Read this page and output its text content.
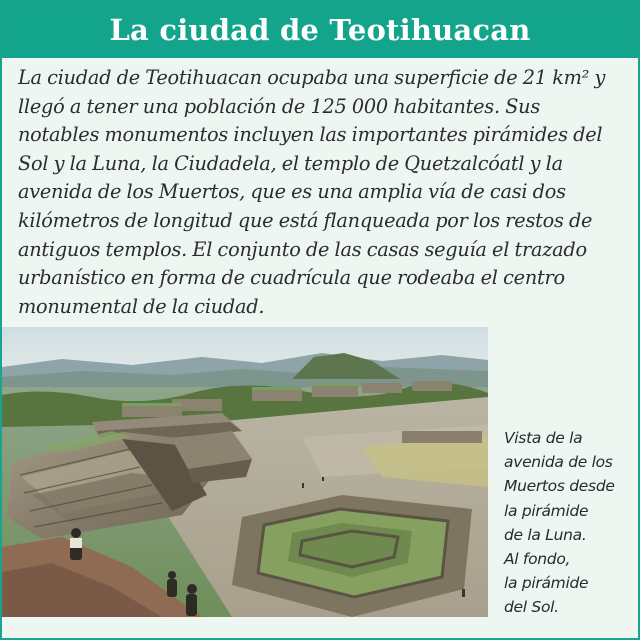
La ciudad de Teotihuacan

La ciudad de Teotihuacan ocupaba una superficie de 21 km² y llegó a tener una población de 125 000 habitantes. Sus notables monumentos incluyen las importantes pirámides del Sol y la Luna, la Ciudadela, el templo de Quetzalcóatl y la avenida de los Muertos, que es una amplia vía de casi dos kilómetros de longitud que está flanqueada por los restos de antiguos templos. El conjunto de las casas seguía el trazado urbanístico en forma de cuadrícula que rodeaba el centro monumental de la ciudad.

Vista de la
avenida de los
Muertos desde
la pirámide
de la Luna.
Al fondo,
la pirámide
del Sol.
